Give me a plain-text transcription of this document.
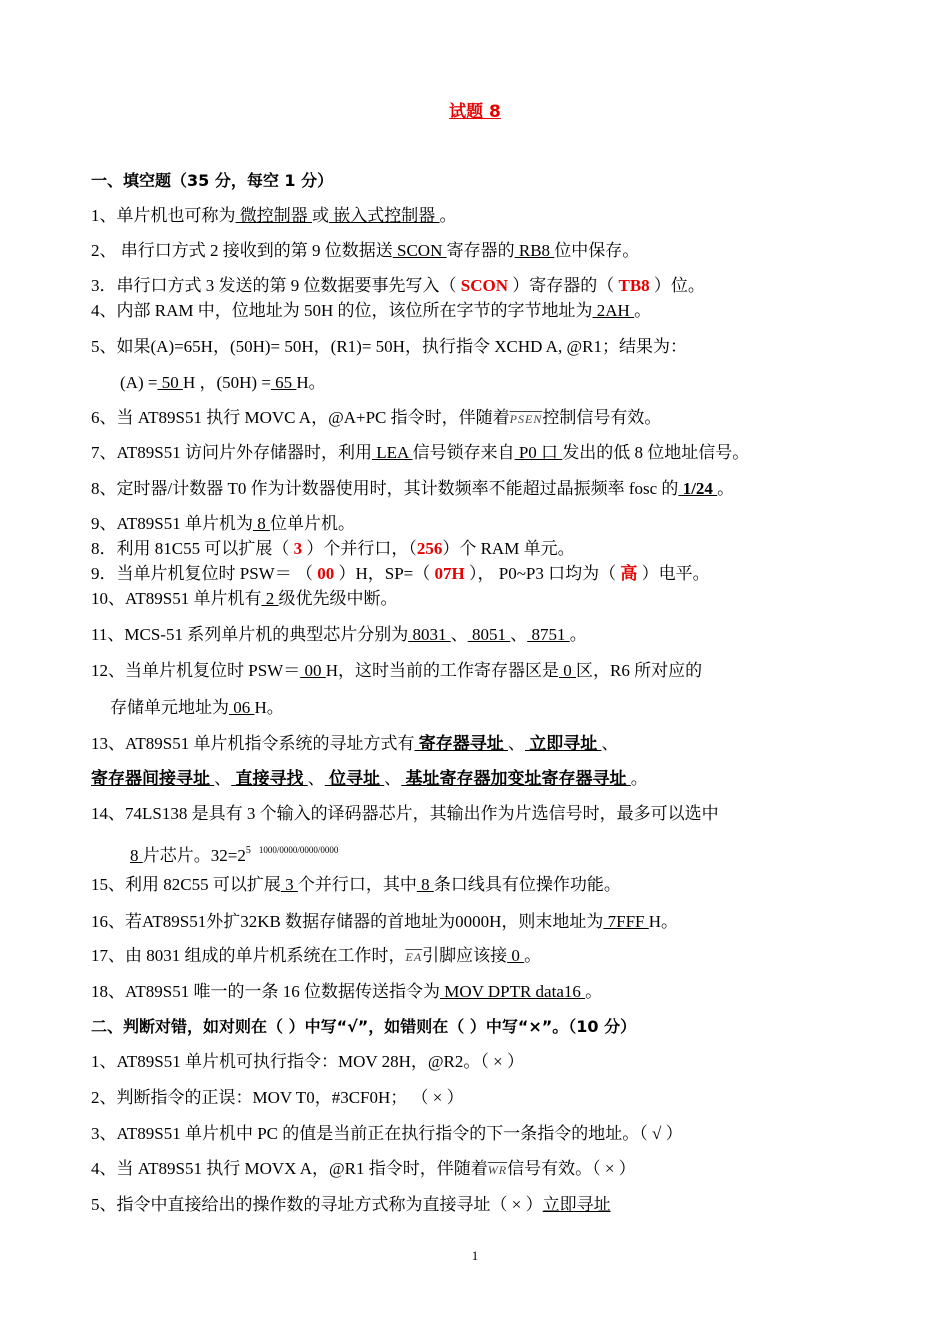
试题 8
一、填空题（35 分，每空 1 分）
1、单片机也可称为 微控制器 或 嵌入式控制器 。
2、 串行口方式 2 接收到的第 9 位数据送 SCON 寄存器的 RB8 位中保存。
3．串行口方式 3 发送的第 9 位数据要事先写入（ SCON ）寄存器的（ TB8 ）位。
4、内部 RAM 中，位地址为 50H 的位，该位所在字节的字节地址为 2AH 。
5、如果(A)=65H，(50H)= 50H，(R1)= 50H，执行指令 XCHD A, @R1；结果为：
(A) = 50 H ，(50H) = 65 H。
6、当 AT89S51 执行 MOVC A，@A+PC 指令时，伴随着PSEN控制信号有效。
7、AT89S51 访问片外存储器时，利用 LEA 信号锁存来自 P0 口 发出的低 8 位地址信号。
8、定时器/计数器 T0 作为计数器使用时，其计数频率不能超过晶振频率 fosc 的 1/24 。
9、AT89S51 单片机为 8 位单片机。
8．利用 81C55 可以扩展（ 3 ）个并行口，（256）个 RAM 单元。
9．当单片机复位时 PSW＝ （ 00 ）H，SP=（ 07H ）， P0~P3 口均为（ 高 ）电平。
10、AT89S51 单片机有 2 级优先级中断。
11、MCS-51 系列单片机的典型芯片分别为 8031 、 8051 、 8751 。
12、当单片机复位时 PSW＝ 00 H，这时当前的工作寄存器区是 0 区，R6 所对应的
存储单元地址为 06 H。
13、AT89S51 单片机指令系统的寻址方式有 寄存器寻址 、 立即寻址 、
寄存器间接寻址 、 直接寻找 、 位寻址 、 基址寄存器加变址寄存器寻址 。
14、74LS138 是具有 3 个输入的译码器芯片，其输出作为片选信号时，最多可以选中
8 片芯片。$32=2^5$ $^{1000/0000/0000/0000}$
15、利用 82C55 可以扩展 3 个并行口，其中 8 条口线具有位操作功能。
16、若AT89S51外扩32KB 数据存储器的首地址为0000H，则末地址为 7FFF H。
17、由 8031 组成的单片机系统在工作时，$\overline{EA}$引脚应该接 0 。
18、AT89S51 唯一的一条 16 位数据传送指令为 MOV DPTR data16 。
二、判断对错，如对则在（ ）中写“√”，如错则在（ ）中写“×”。（10 分）
1、AT89S51 单片机可执行指令：MOV 28H，@R2。（ × ）
2、判断指令的正误：MOV T0，#3CF0H； （ × ）
3、AT89S51 单片机中 PC 的值是当前正在执行指令的下一条指令的地址。（ √ ）
4、当 AT89S51 执行 MOVX A，@R1 指令时，伴随着$\overline{WR}$信号有效。（ × ）
5、指令中直接给出的操作数的寻址方式称为直接寻址（ × ）立即寻址
1
